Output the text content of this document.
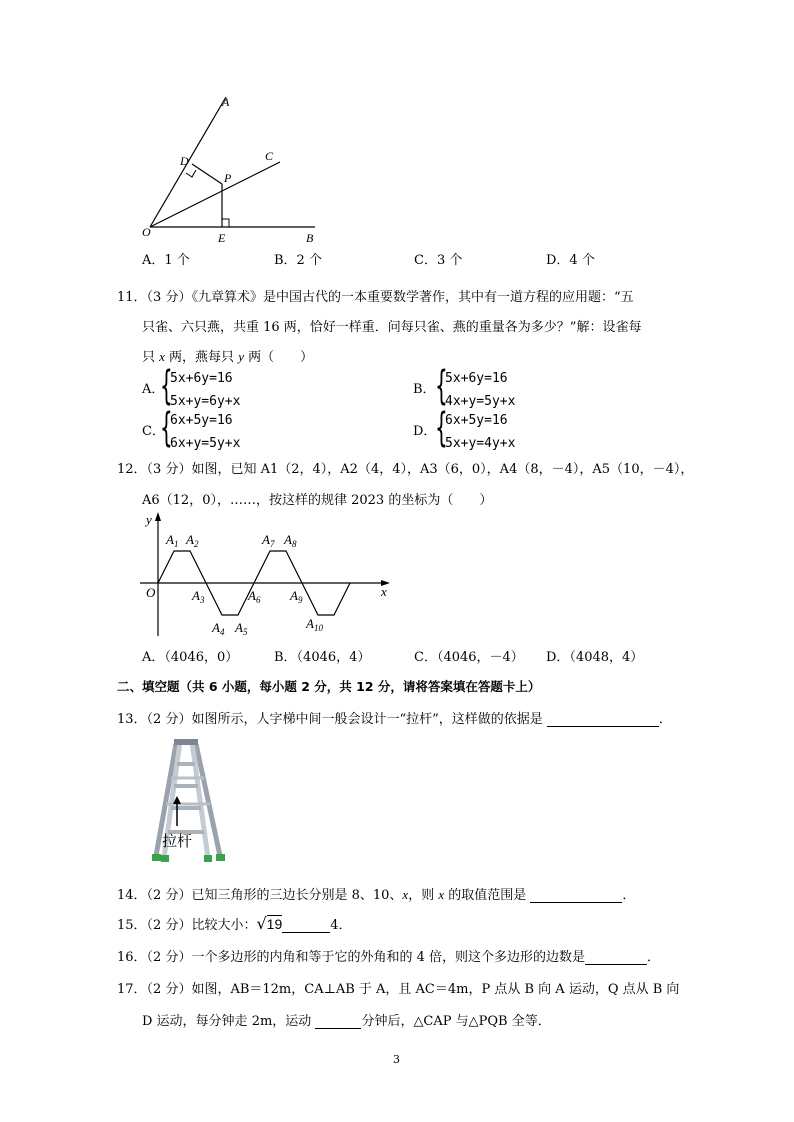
A
D	C
P
O	E	B
A．1 个	B．2 个	C．3 个	D．4 个
11．（3 分）《九章算术》是中国古代的一本重要数学著作，其中有一道方程的应用题：“五
只雀、六只燕，共重 16 两，恰好一样重．问每只雀、燕的重量各为多少？”解：设雀每
只 x 两，燕每只 y 两（　　）
A．
{
5x+6y=16
5x+y=6y+x
B． {
5x+6y=16
4x+y=5y+x
C．
{
6x+5y=16
6x+y=5y+x
D．
{
6x+5y=16
5x+y=4y+x
12．（3 分）如图，已知 A1（2，4），A2（4，4），A3（6，0），A4（8，－4），A5（10，－4），
A6（12，0），……，按这样的规律 2023 的坐标为（　　）
y
x
O
$A_1$ $A_2$
$A_3$
$A_4$ $A_5$
$A_6$
$A_7$ $A_8$
$A_9$
$A_{10}$
A．（4046，0）	B．（4046，4）	C．（4046，－4） D．（4048，4）
二、填空题（共 6 小题，每小题 2 分，共 12 分，请将答案填在答题卡上）
13．（2 分）如图所示，人字梯中间一般会设计一“拉杆”，这样做的依据是	．
拉杆
14．（2 分）已知三角形的三边长分别是 8、10、x，则 x 的取值范围是	．
15．（2 分）比较大小：√19	4．
16．（2 分）一个多边形的内角和等于它的外角和的 4 倍，则这个多边形的边数是	．
17．（2 分）如图，AB＝12m，CA⊥AB 于 A，且 AC＝4m，P 点从 B 向 A 运动，Q 点从 B 向
D 运动，每分钟走 2m，运动	分钟后，△CAP 与△PQB 全等．
3
